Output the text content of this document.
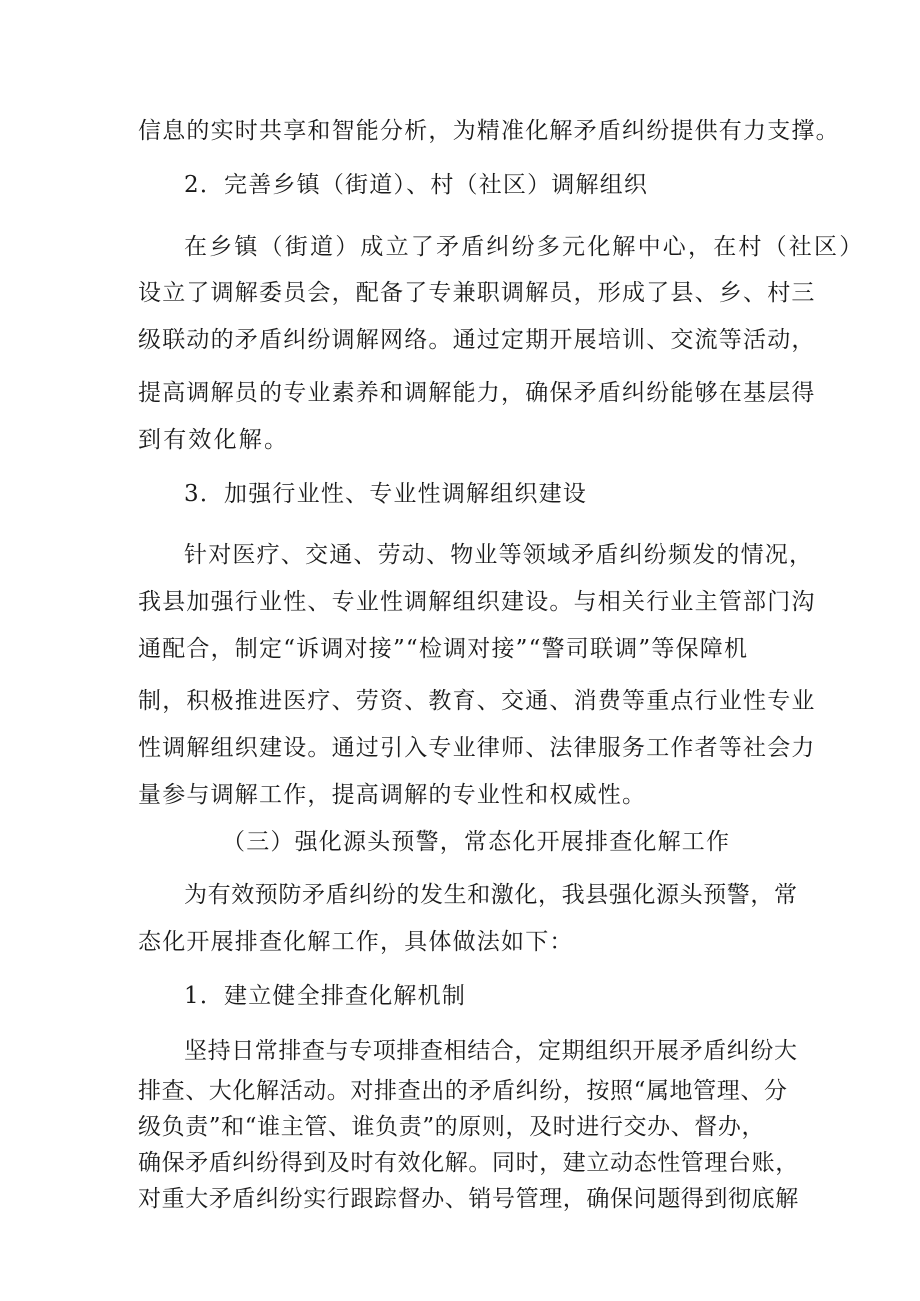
信息的实时共享和智能分析，为精准化解矛盾纠纷提供有力支撑。
2．完善乡镇（街道）、村（社区）调解组织
在乡镇（街道）成立了矛盾纠纷多元化解中心，在村（社区）
设立了调解委员会，配备了专兼职调解员，形成了县、乡、村三
级联动的矛盾纠纷调解网络。通过定期开展培训、交流等活动，
提高调解员的专业素养和调解能力，确保矛盾纠纷能够在基层得
到有效化解。
3．加强行业性、专业性调解组织建设
针对医疗、交通、劳动、物业等领域矛盾纠纷频发的情况，
我县加强行业性、专业性调解组织建设。与相关行业主管部门沟
通配合，制定“诉调对接”“检调对接”“警司联调”等保障机
制，积极推进医疗、劳资、教育、交通、消费等重点行业性专业
性调解组织建设。通过引入专业律师、法律服务工作者等社会力
量参与调解工作，提高调解的专业性和权威性。
（三）强化源头预警，常态化开展排查化解工作
为有效预防矛盾纠纷的发生和激化，我县强化源头预警，常
态化开展排查化解工作，具体做法如下：
1．建立健全排查化解机制
坚持日常排查与专项排查相结合，定期组织开展矛盾纠纷大
排查、大化解活动。对排查出的矛盾纠纷，按照“属地管理、分
级负责”和“谁主管、谁负责”的原则，及时进行交办、督办，
确保矛盾纠纷得到及时有效化解。同时，建立动态性管理台账，
对重大矛盾纠纷实行跟踪督办、销号管理，确保问题得到彻底解
